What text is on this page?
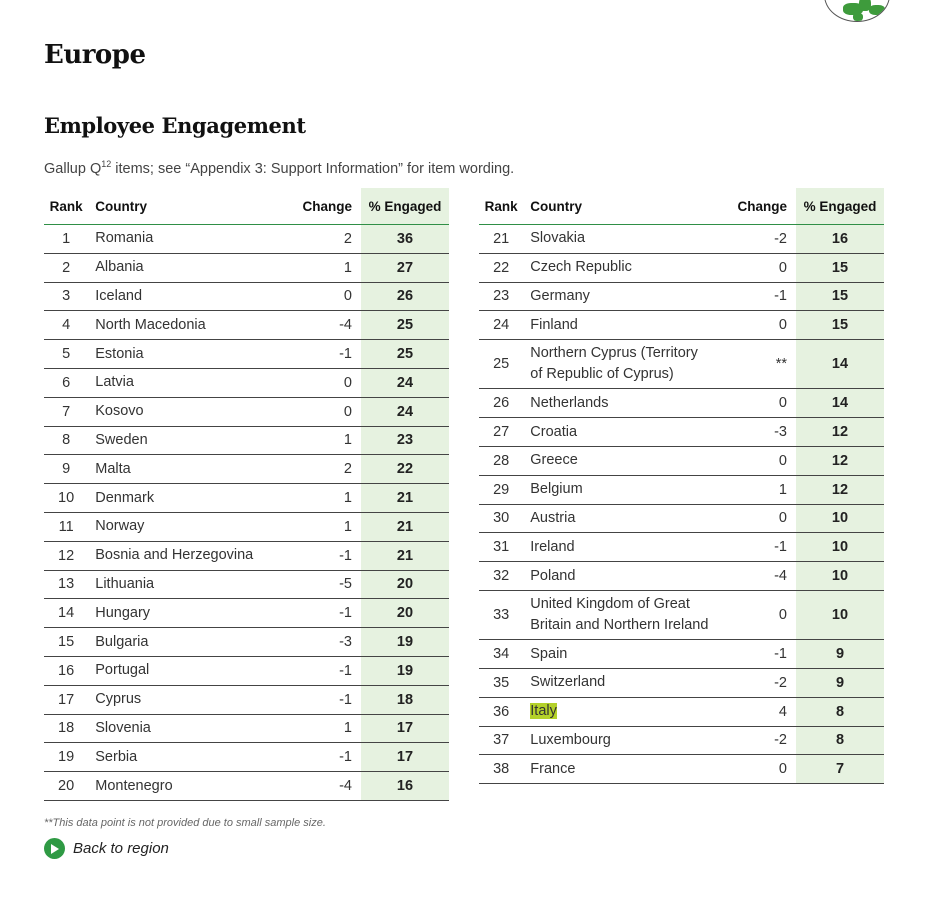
Europe
Employee Engagement
Gallup $Q^{12}$ items; see “Appendix 3: Support Information” for item wording.
Rank	Country	Change	% Engaged
1	Romania	2	36
2	Albania	1	27
3	Iceland	0	26
4	North Macedonia	-4	25
5	Estonia	-1	25
6	Latvia	0	24
7	Kosovo	0	24
8	Sweden	1	23
9	Malta	2	22
10	Denmark	1	21
11	Norway	1	21
12	Bosnia and Herzegovina	-1	21
13	Lithuania	-5	20
14	Hungary	-1	20
15	Bulgaria	-3	19
16	Portugal	-1	19
17	Cyprus	-1	18
18	Slovenia	1	17
19	Serbia	-1	17
20	Montenegro	-4	16
Rank	Country	Change	% Engaged
21	Slovakia	-2	16
22	Czech Republic	0	15
23	Germany	-1	15
24	Finland	0	15
25	Northern Cyprus (Territory of Republic of Cyprus)	**	14
26	Netherlands	0	14
27	Croatia	-3	12
28	Greece	0	12
29	Belgium	1	12
30	Austria	0	10
31	Ireland	-1	10
32	Poland	-4	10
33	United Kingdom of Great Britain and Northern Ireland	0	10
34	Spain	-1	9
35	Switzerland	-2	9
36	Italy	4	8
37	Luxembourg	-2	8
38	France	0	7
**This data point is not provided due to small sample size.
Back to region
